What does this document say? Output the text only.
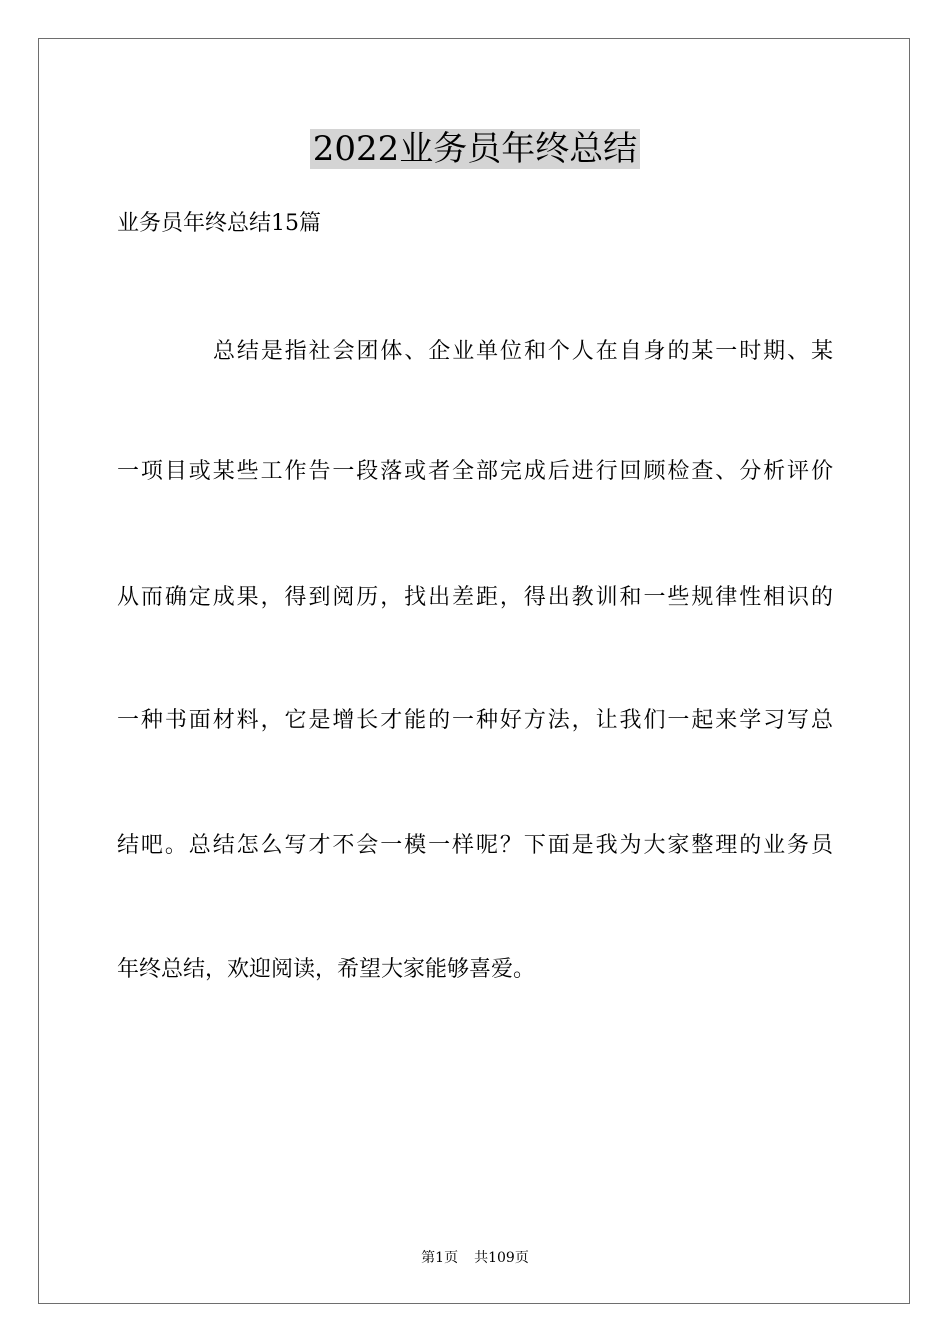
2022业务员年终总结

业务员年终总结15篇

总结是指社会团体、企业单位和个人在自身的某一时期、某

一项目或某些工作告一段落或者全部完成后进行回顾检查、分析评价

从而确定成果，得到阅历，找出差距，得出教训和一些规律性相识的

一种书面材料，它是增长才能的一种好方法，让我们一起来学习写总

结吧。总结怎么写才不会一模一样呢？下面是我为大家整理的业务员

年终总结，欢迎阅读，希望大家能够喜爱。

第1页 共109页
